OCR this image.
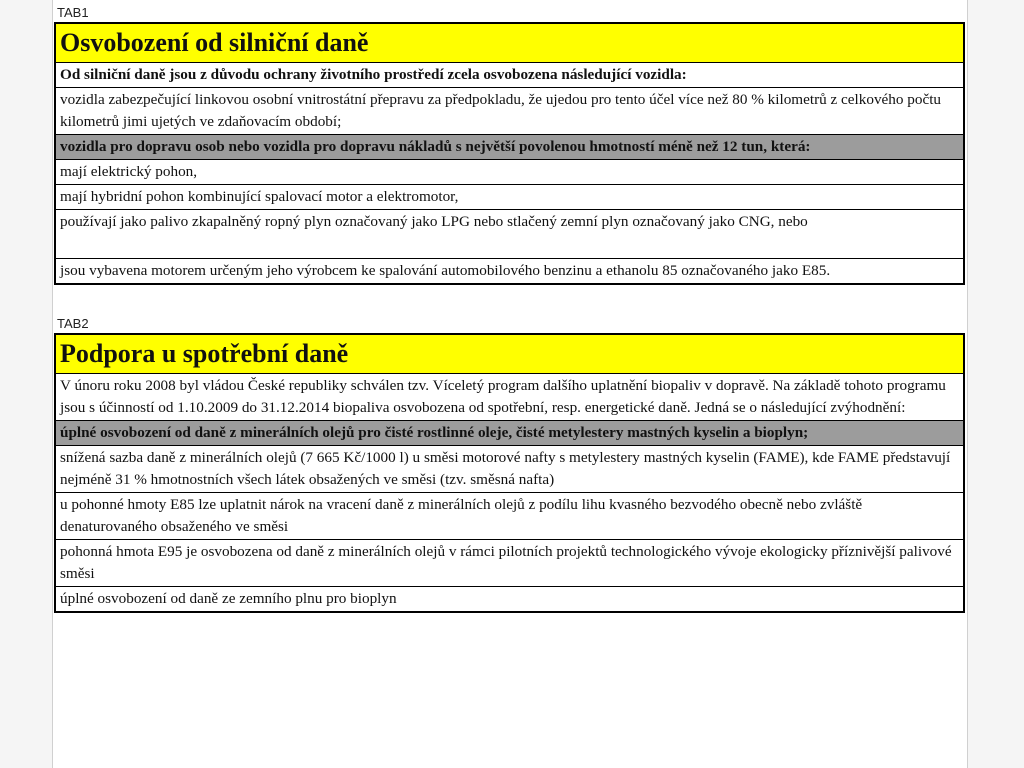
TAB1
Osvobození od silniční daně
Od silniční daně jsou z důvodu ochrany životního prostředí zcela osvobozena následující vozidla:
vozidla zabezpečující linkovou osobní vnitrostátní přepravu za předpokladu, že ujedou pro tento účel více než 80 % kilometrů z celkového počtu kilometrů jimi ujetých ve zdaňovacím období;
vozidla pro dopravu osob nebo vozidla pro dopravu nákladů s největší povolenou hmotností méně než 12 tun, která:
mají elektrický pohon,
mají hybridní pohon kombinující spalovací motor a elektromotor,
používají jako palivo zkapalněný ropný plyn označovaný jako LPG nebo stlačený zemní plyn označovaný jako CNG, nebo
jsou vybavena motorem určeným jeho výrobcem ke spalování automobilového benzinu a ethanolu 85 označovaného jako E85.
TAB2
Podpora u spotřební daně
V únoru roku 2008 byl vládou České republiky schválen tzv. Víceletý program dalšího uplatnění biopaliv v dopravě. Na základě tohoto programu jsou s účinností od 1.10.2009 do 31.12.2014 biopaliva osvobozena od spotřební, resp. energetické daně. Jedná se o následující zvýhodnění:
úplné osvobození od daně z minerálních olejů pro čisté rostlinné oleje, čisté metylestery mastných kyselin a bioplyn;
snížená sazba daně z minerálních olejů (7 665 Kč/1000 l) u směsi motorové nafty s metylestery mastných kyselin (FAME), kde FAME představují nejméně 31 % hmotnostních všech látek obsažených ve směsi (tzv. směsná nafta)
u pohonné hmoty E85 lze uplatnit nárok na vracení daně z minerálních olejů z podílu lihu kvasného bezvodého obecně nebo zvláště denaturovaného obsaženého ve směsi
pohonná hmota E95 je osvobozena od daně z minerálních olejů v rámci pilotních projektů technologického vývoje ekologicky příznivější palivové směsi
úplné osvobození od daně ze zemního plnu pro bioplyn
